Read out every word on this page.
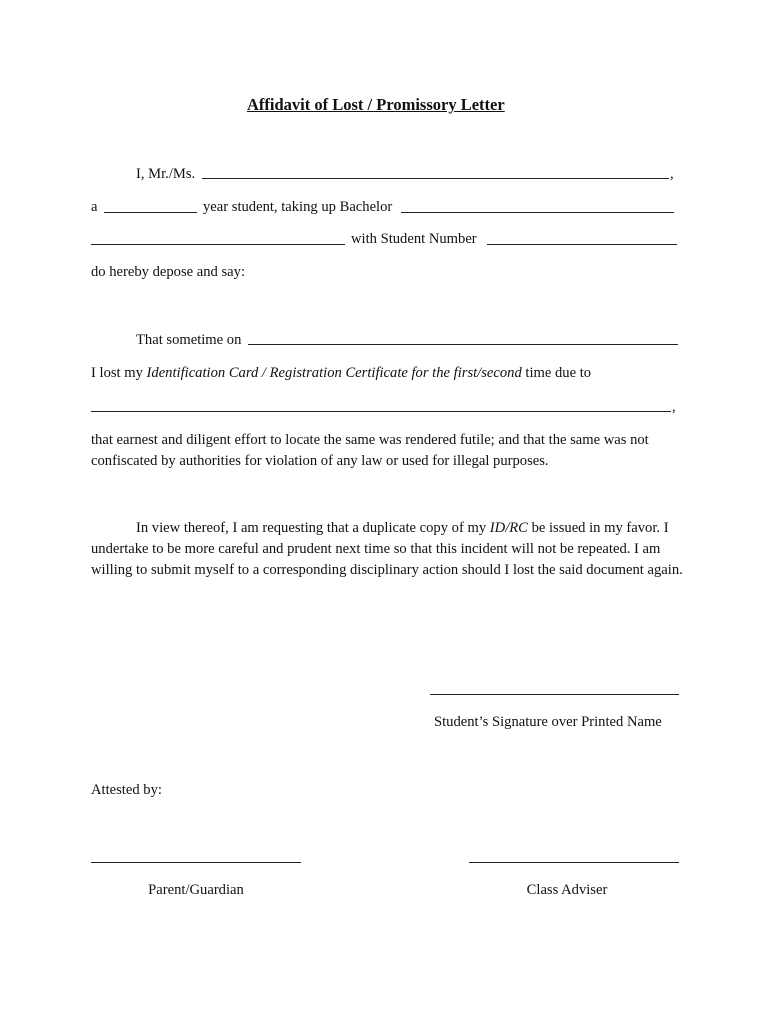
Affidavit of Lost / Promissory Letter
I, Mr./Ms.	,
a	year student, taking up Bachelor
with Student Number
do hereby depose and say:
That sometime on
I lost my Identification Card / Registration Certificate for the first/second time due to
,
that earnest and diligent effort to locate the same was rendered futile; and that the same was not confiscated by authorities for violation of any law or used for illegal purposes.
In view thereof, I am requesting that a duplicate copy of my ID/RC be issued in my favor. I undertake to be more careful and prudent next time so that this incident will not be repeated. I am willing to submit myself to a corresponding disciplinary action should I lost the said document again.
Student’s Signature over Printed Name
Attested by:
Parent/Guardian	Class Adviser
